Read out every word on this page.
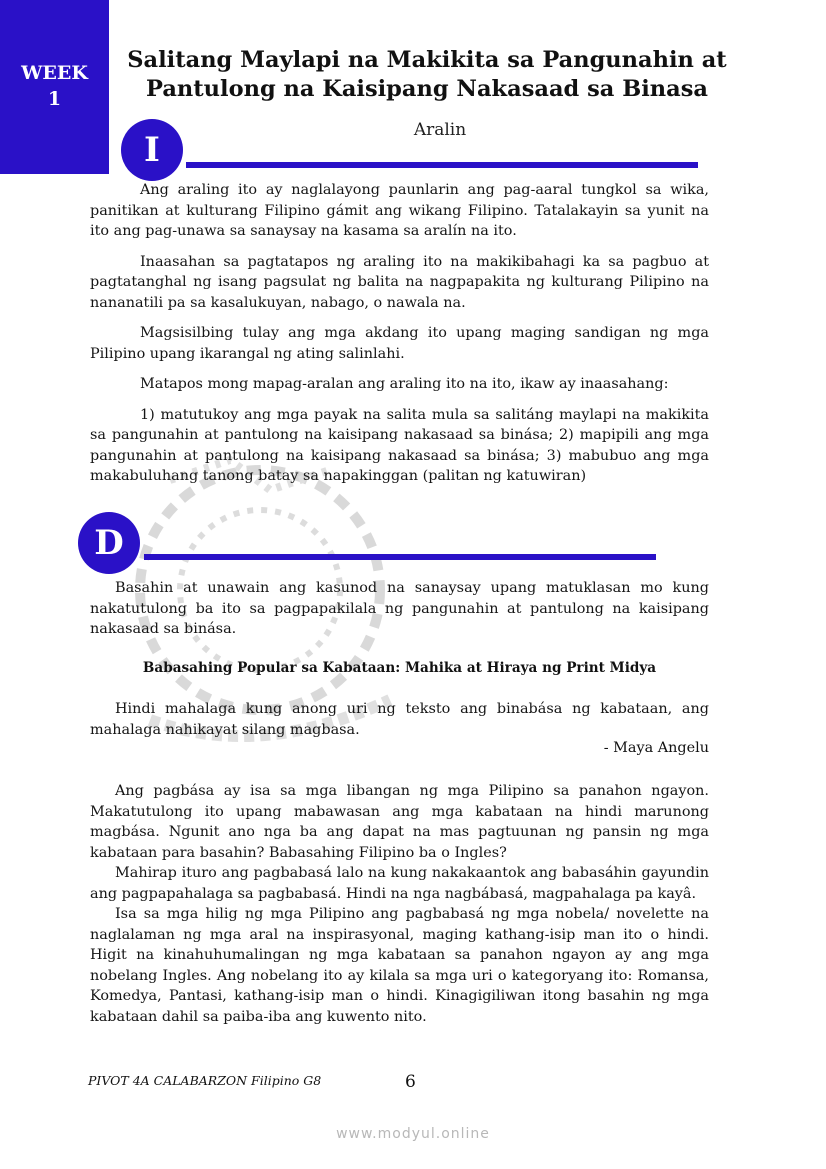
WEEK
1
Salitang Maylapi na Makikita sa Pangunahin at
Pantulong na Kaisipang Nakasaad sa Binasa
I	Aralin

Ang araling ito ay naglalayong paunlarin ang pag-aaral tungkol sa wika, panitikan at kulturang Filipino gámit ang wikang Filipino. Tatalakayin sa yunit na ito ang pag-unawa sa sanaysay na kasama sa aralín na ito.

Inaasahan sa pagtatapos ng araling ito na makikibahagi ka sa pagbuo at pagtatanghal ng isang pagsulat ng balita na nagpapakita ng kulturang Pilipino na nananatili pa sa kasalukuyan, nabago, o nawala na.

Magsisilbing tulay ang mga akdang ito upang maging sandigan ng mga Pilipino upang ikarangal ng ating salinlahi.

Matapos mong mapag-aralan ang araling ito na ito, ikaw ay inaasahang:

1) matutukoy ang mga payak na salita mula sa salitáng maylapi na makikita sa pangunahin at pantulong na kaisipang nakasaad sa binása; 2) mapipili ang mga pangunahin at pantulong na kaisipang nakasaad sa binása; 3) mabubuo ang mga makabuluhang tanong batay sa napakinggan (palitan ng katuwiran)

D

Basahin at unawain ang kasunod na sanaysay upang matuklasan mo kung nakatutulong ba ito sa pagpapakilala ng pangunahin at pantulong na kaisipang nakasaad sa binása.

Babasahing Popular sa Kabataan: Mahika at Hiraya ng Print Midya

Hindi mahalaga kung anong uri ng teksto ang binabása ng kabataan, ang mahalaga nahikayat silang magbasa.

- Maya Angelu

Ang pagbása ay isa sa mga libangan ng mga Pilipino sa panahon ngayon. Makatutulong ito upang mabawasan ang mga kabataan na hindi marunong magbása. Ngunit ano nga ba ang dapat na mas pagtuunan ng pansin ng mga kabataan para basahin? Babasahing Filipino ba o Ingles?

Mahirap ituro ang pagbabasá lalo na kung nakakaantok ang babasáhin gayundin ang pagpapahalaga sa pagbabasá. Hindi na nga nagbábasá, magpahalaga pa kayâ.

Isa sa mga hilig ng mga Pilipino ang pagbabasá ng mga nobela/ novelette na naglalaman ng mga aral na inspirasyonal, maging kathang-isip man ito o hindi. Higit na kinahuhumalingan ng mga kabataan sa panahon ngayon ay ang mga nobelang Ingles. Ang nobelang ito ay kilala sa mga uri o kategoryang ito: Romansa, Komedya, Pantasi, kathang-isip man o hindi. Kinagigiliwan itong basahin ng mga kabataan dahil sa paiba-iba ang kuwento nito.

PIVOT 4A CALABARZON Filipino G8	6
www.modyul.online
